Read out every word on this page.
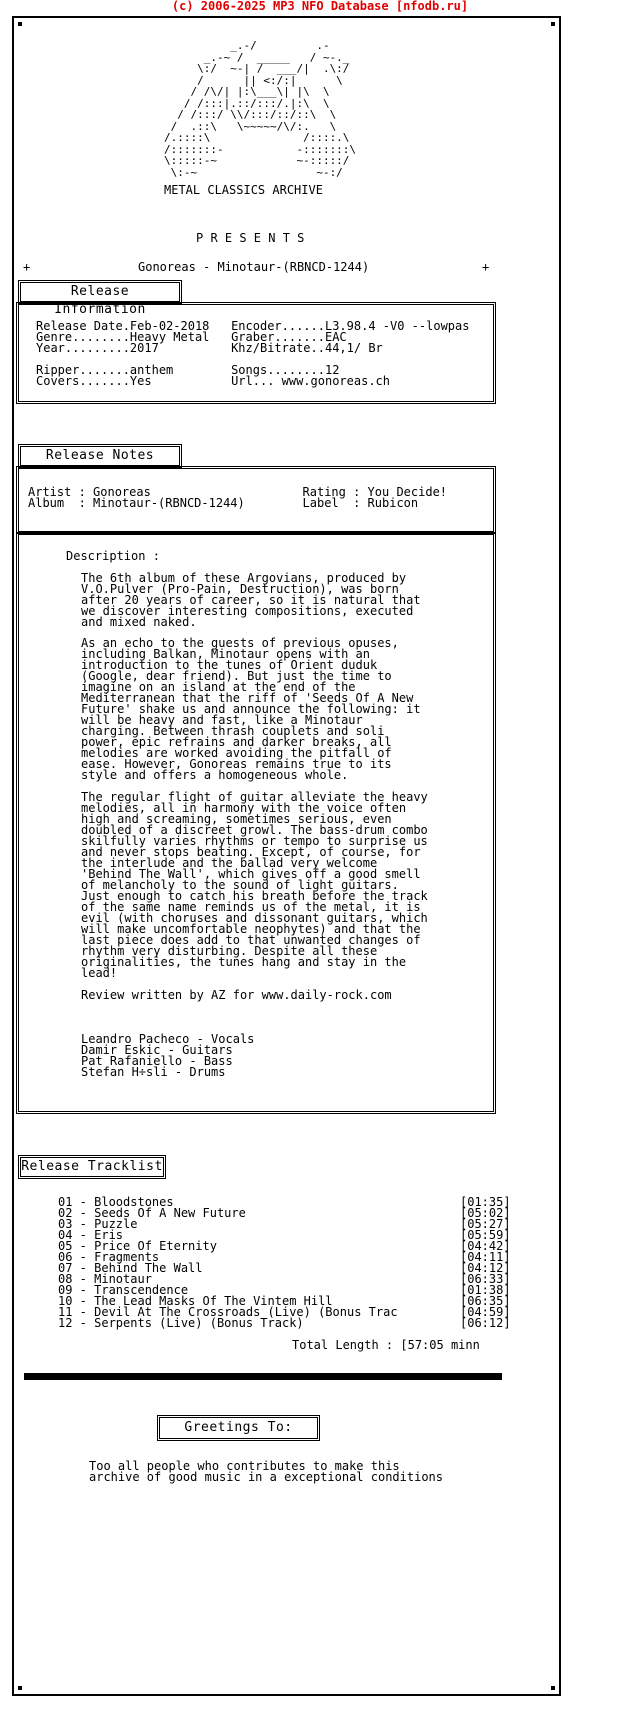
(c) 2006-2025 MP3 NFO Database [nfodb.ru]
_.-/         .-
_.-~ /  _____   / ~-._
\:/  ~-| /  ___/|  .\:/
/      || <:/:|      \
/ /\/| |:\___\| |\  \
/ /:::|.::/:::/.|:\  \
/ /:::/ \\/:::/::/::\  \
/  .::\   \~~~~~/\/:.   \
/.::::\              /::::.\
/:::::::-           -:::::::\
\:::::-~            ~-:::::/
\:-~                  ~-:/
METAL CLASSICS ARCHIVE
P R E S E N T S
+	Gonoreas - Minotaur-(RBNCD-1244)	+
Release Information
Release Date.Feb-02-2018   Encoder......L3.98.4 -V0 --lowpas
Genre........Heavy Metal   Graber.......EAC
Year.........2017          Khz/Bitrate..44,1/ Br
Ripper.......anthem        Songs........12
Covers.......Yes           Url... www.gonoreas.ch
Release Notes
Artist : Gonoreas                     Rating : You Decide!
Album  : Minotaur-(RBNCD-1244)        Label  : Rubicon
Description :
The 6th album of these Argovians, produced by
V.O.Pulver (Pro-Pain, Destruction), was born
after 20 years of career, so it is natural that
we discover interesting compositions, executed
and mixed naked.
As an echo to the guests of previous opuses,
including Balkan, Minotaur opens with an
introduction to the tunes of Orient duduk
(Google, dear friend). But just the time to
imagine on an island at the end of the
Mediterranean that the riff of 'Seeds Of A New
Future' shake us and announce the following: it
will be heavy and fast, like a Minotaur
charging. Between thrash couplets and soli
power, epic refrains and darker breaks, all
melodies are worked avoiding the pitfall of
ease. However, Gonoreas remains true to its
style and offers a homogeneous whole.
The regular flight of guitar alleviate the heavy
melodies, all in harmony with the voice often
high and screaming, sometimes serious, even
doubled of a discreet growl. The bass-drum combo
skilfully varies rhythms or tempo to surprise us
and never stops beating. Except, of course, for
the interlude and the ballad very welcome
'Behind The Wall', which gives off a good smell
of melancholy to the sound of light guitars.
Just enough to catch his breath before the track
of the same name reminds us of the metal, it is
evil (with choruses and dissonant guitars, which
will make uncomfortable neophytes) and that the
last piece does add to that unwanted changes of
rhythm very disturbing. Despite all these
originalities, the tunes hang and stay in the
lead!
Review written by AZ for www.daily-rock.com
Leandro Pacheco - Vocals
Damir Eskic - Guitars
Pat Rafaniello - Bass
Stefan H÷sli - Drums
Release Tracklist
01 - Bloodstones	[01:35]
02 - Seeds Of A New Future	[05:02]
03 - Puzzle	[05:27]
04 - Eris	[05:59]
05 - Price Of Eternity	[04:42]
06 - Fragments	[04:11]
07 - Behind The Wall	[04:12]
08 - Minotaur	[06:33]
09 - Transcendence	[01:38]
10 - The Lead Masks Of The Vintem Hill	[06:35]
11 - Devil At The Crossroads (Live) (Bonus Trac	[04:59]
12 - Serpents (Live) (Bonus Track)	[06:12]
Total Length : [57:05 minn
Greetings To:
Too all people who contributes to make this
archive of good music in a exceptional conditions
